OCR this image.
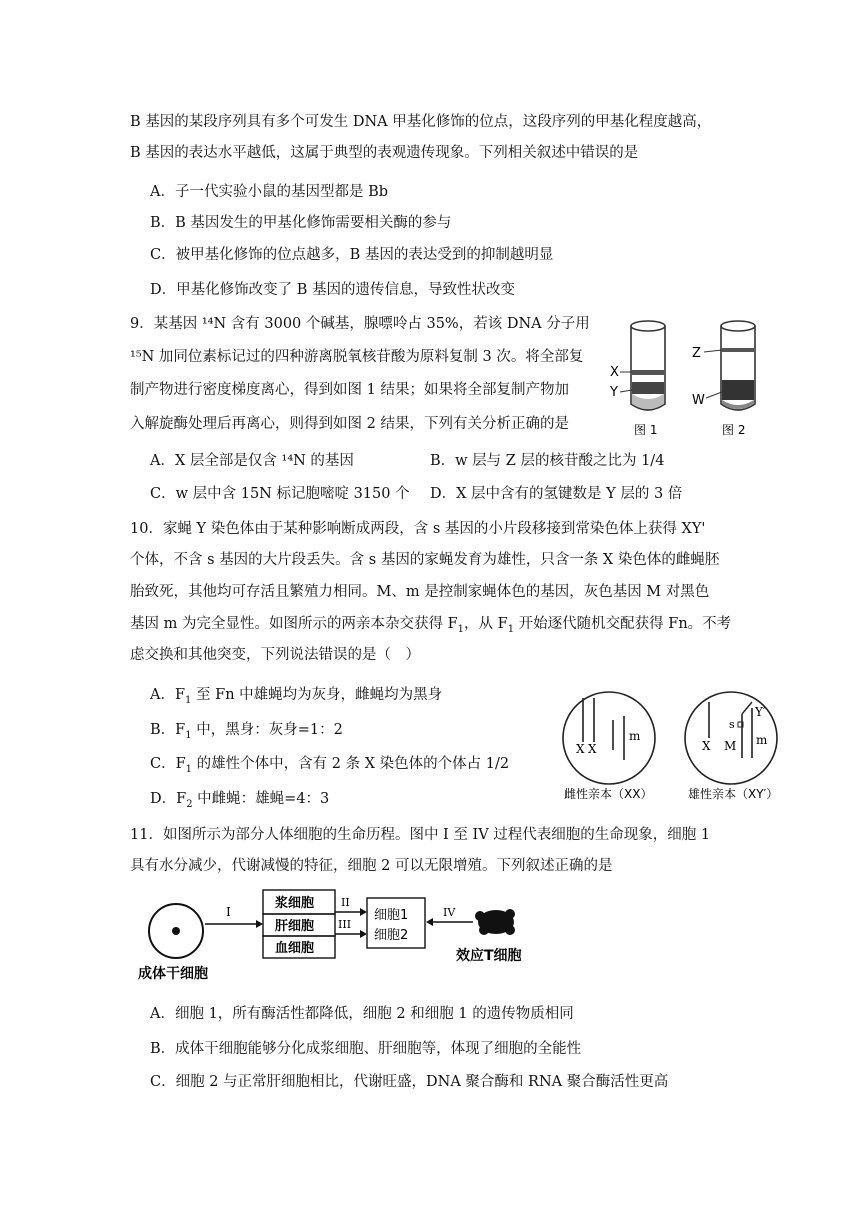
B 基因的某段序列具有多个可发生 DNA 甲基化修饰的位点，这段序列的甲基化程度越高，
B 基因的表达水平越低，这属于典型的表观遗传现象。下列相关叙述中错误的是
A．子一代实验小鼠的基因型都是 Bb
B．B 基因发生的甲基化修饰需要相关酶的参与
C．被甲基化修饰的位点越多，B 基因的表达受到的抑制越明显
D．甲基化修饰改变了 B 基因的遗传信息，导致性状改变
9．某基因 ¹⁴N 含有 3000 个碱基，腺嘌呤占 35%，若该 DNA 分子用
¹⁵N 加同位素标记过的四种游离脱氧核苷酸为原料复制 3 次。将全部复
制产物进行密度梯度离心，得到如图 1 结果；如果将全部复制产物加
入解旋酶处理后再离心，则得到如图 2 结果，下列有关分析正确的是
X
Y
Z
W
图 1	图 2
A．X 层全部是仅含 ¹⁴N 的基因	B．w 层与 Z 层的核苷酸之比为 1/4
C．w 层中含 15N 标记胞嘧啶 3150 个 D．X 层中含有的氢键数是 Y 层的 3 倍
10．家蝇 Y 染色体由于某种影响断成两段，含 s 基因的小片段移接到常染色体上获得 XY'
个体，不含 s 基因的大片段丢失。含 s 基因的家蝇发育为雄性，只含一条 X 染色体的雌蝇胚
胎致死，其他均可存活且繁殖力相同。M、m 是控制家蝇体色的基因，灰色基因 M 对黑色
基因 m 为完全显性。如图所示的两亲本杂交获得 $F_1$，从 $F_1$ 开始逐代随机交配获得 Fn。不考
虑交换和其他突变，下列说法错误的是（　）
A．$F_1$ 至 Fn 中雄蝇均为灰身，雌蝇均为黑身
B．$F_1$ 中，黑身：灰身=1：2
C．$F_1$ 的雄性个体中，含有 2 条 X 染色体的个体占 1/2
D．$F_2$ 中雌蝇：雄蝇=4：3
X X
m
X M
s
m
Y′
雌性亲本（XX）	雄性亲本（XY′）
11．如图所示为部分人体细胞的生命历程。图中 I 至 IV 过程代表细胞的生命现象，细胞 1
具有水分减少，代谢减慢的特征，细胞 2 可以无限增殖。下列叙述正确的是
成体干细胞
I
浆细胞
肝细胞
血细胞
II
III
细胞1
细胞2
IV
效应T细胞
A．细胞 1，所有酶活性都降低，细胞 2 和细胞 1 的遗传物质相同
B．成体干细胞能够分化成浆细胞、肝细胞等，体现了细胞的全能性
C．细胞 2 与正常肝细胞相比，代谢旺盛，DNA 聚合酶和 RNA 聚合酶活性更高
